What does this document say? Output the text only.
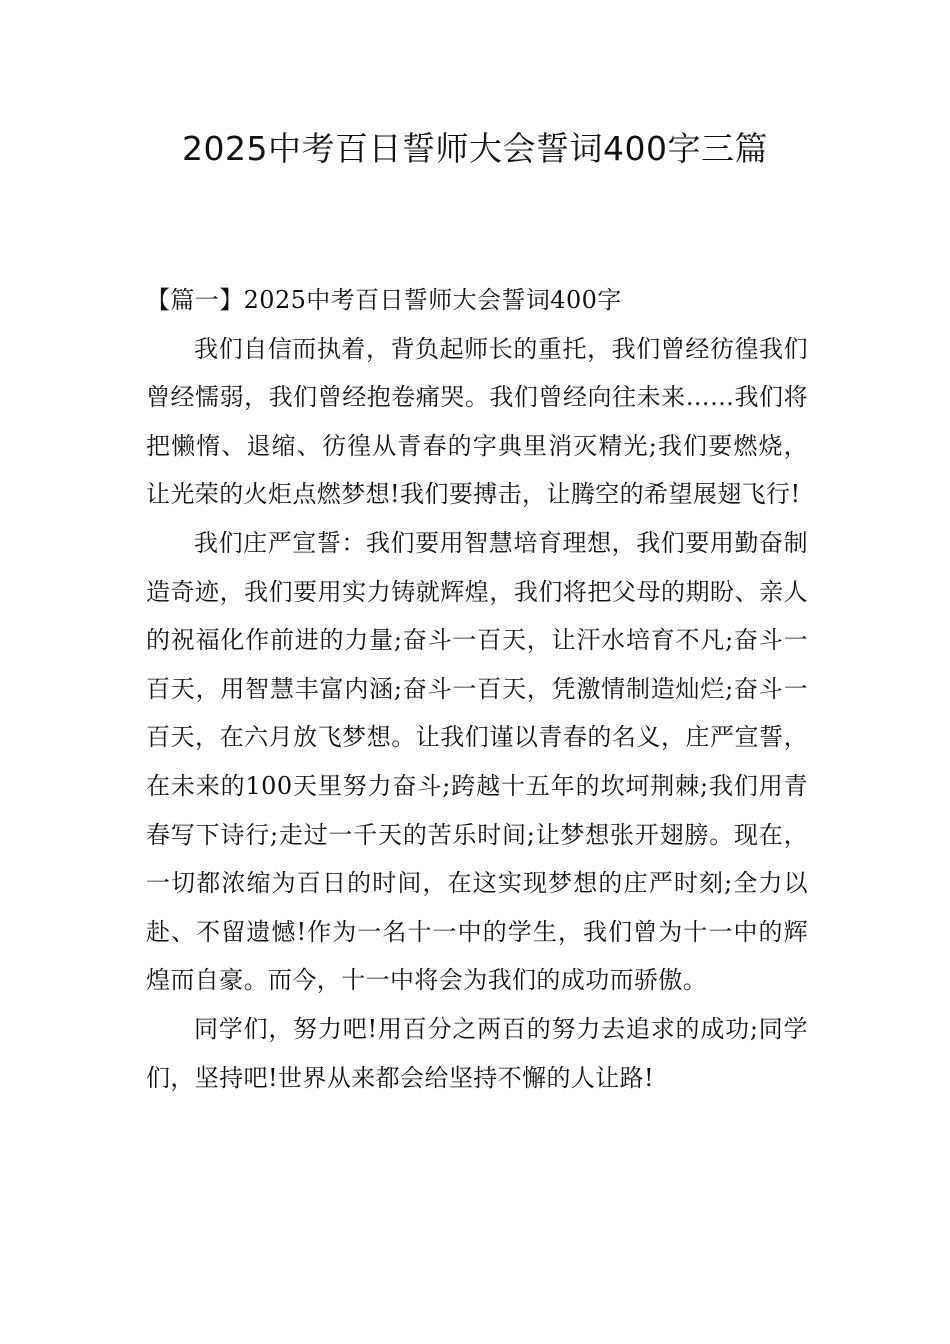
2025中考百日誓师大会誓词400字三篇
【篇一】2025中考百日誓师大会誓词400字

我们自信而执着，背负起师长的重托，我们曾经彷徨我们曾经懦弱，我们曾经抱卷痛哭。我们曾经向往未来……我们将把懒惰、退缩、彷徨从青春的字典里消灭精光;我们要燃烧，让光荣的火炬点燃梦想!我们要搏击，让腾空的希望展翅飞行!

我们庄严宣誓：我们要用智慧培育理想，我们要用勤奋制造奇迹，我们要用实力铸就辉煌，我们将把父母的期盼、亲人的祝福化作前进的力量;奋斗一百天，让汗水培育不凡;奋斗一百天，用智慧丰富内涵;奋斗一百天，凭激情制造灿烂;奋斗一百天，在六月放飞梦想。让我们谨以青春的名义，庄严宣誓，在未来的100天里努力奋斗;跨越十五年的坎坷荆棘;我们用青春写下诗行;走过一千天的苦乐时间;让梦想张开翅膀。现在，一切都浓缩为百日的时间，在这实现梦想的庄严时刻;全力以赴、不留遗憾!作为一名十一中的学生，我们曾为十一中的辉煌而自豪。而今，十一中将会为我们的成功而骄傲。

同学们，努力吧!用百分之两百的努力去追求的成功;同学们，坚持吧!世界从来都会给坚持不懈的人让路!
